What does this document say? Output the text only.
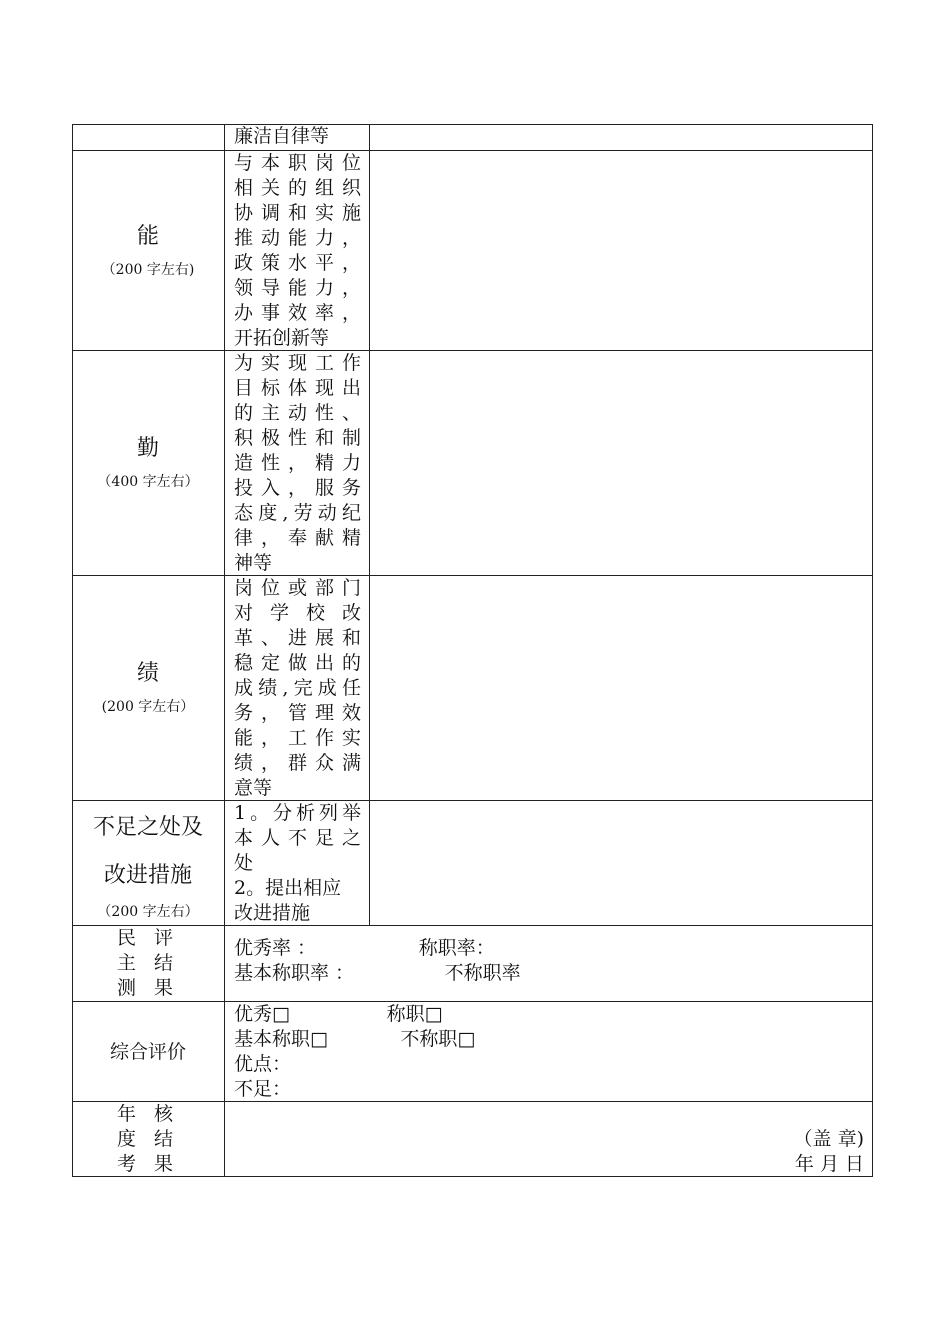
廉洁自律等
能
（200 字左右)
与本职岗位
相关的组织
协调和实施
推动能力，
政策水平，
领导能力，
办事效率，
开拓创新等
勤
（400 字左右）
为实现工作
目标体现出
的主动性、
积极性和制
造性，精力
投入，服务
态度,劳动纪
律，奉献精
神等
绩
(200 字左右）
岗位或部门
对学校改
革、进展和
稳定做出的
成绩,完成任
务，管理效
能，工作实
绩，群众满
意等
不足之处及
改进措施
（200 字左右）
1。分析列举
本人不足之
处
2。提出相应
改进措施
民 评
主 结
测 果
优秀率 ：                 称职率：
基本称职率 ：               不称职率
综合评价
优秀□                称职□
基本称职□            不称职□
优点：
不足：
年 核
度 结
考 果
（盖 章)
年 月 日
